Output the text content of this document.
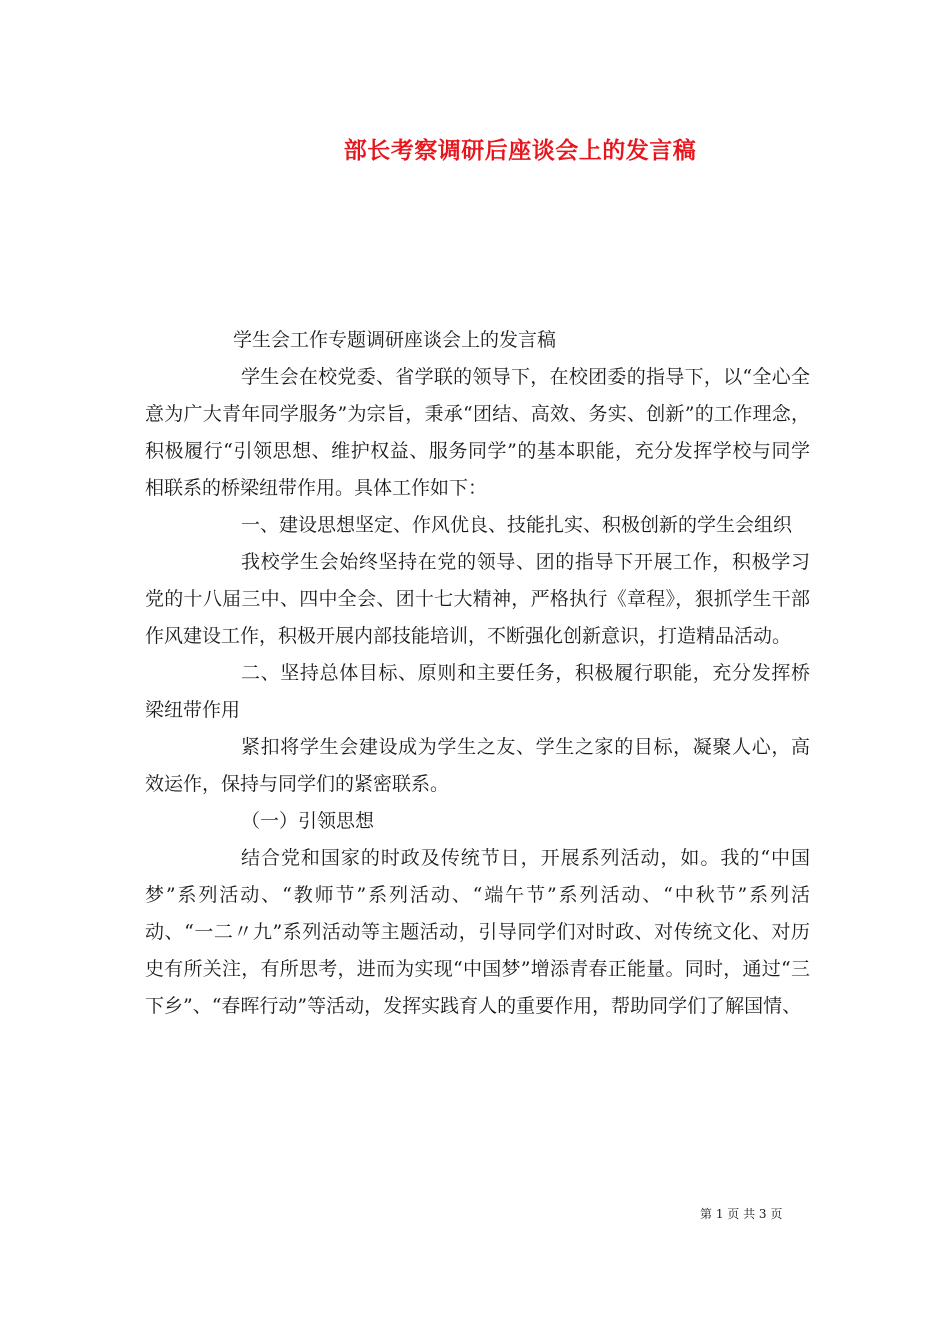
部长考察调研后座谈会上的发言稿

学生会工作专题调研座谈会上的发言稿

学生会在校党委、省学联的领导下，在校团委的指导下，以“全心全意为广大青年同学服务”为宗旨，秉承“团结、高效、务实、创新”的工作理念，积极履行“引领思想、维护权益、服务同学”的基本职能，充分发挥学校与同学相联系的桥梁纽带作用。具体工作如下：

一、建设思想坚定、作风优良、技能扎实、积极创新的学生会组织

我校学生会始终坚持在党的领导、团的指导下开展工作，积极学习党的十八届三中、四中全会、团十七大精神，严格执行《章程》，狠抓学生干部作风建设工作，积极开展内部技能培训，不断强化创新意识，打造精品活动。

二、坚持总体目标、原则和主要任务，积极履行职能，充分发挥桥梁纽带作用

紧扣将学生会建设成为学生之友、学生之家的目标，凝聚人心，高效运作，保持与同学们的紧密联系。

（一）引领思想

结合党和国家的时政及传统节日，开展系列活动，如。我的“中国梦”系列活动、“教师节”系列活动、“端午节”系列活动、“中秋节”系列活动、“一二〃九”系列活动等主题活动，引导同学们对时政、对传统文化、对历史有所关注，有所思考，进而为实现“中国梦”增添青春正能量。同时，通过“三下乡”、“春晖行动”等活动，发挥实践育人的重要作用，帮助同学们了解国情、

第 1 页 共 3 页
